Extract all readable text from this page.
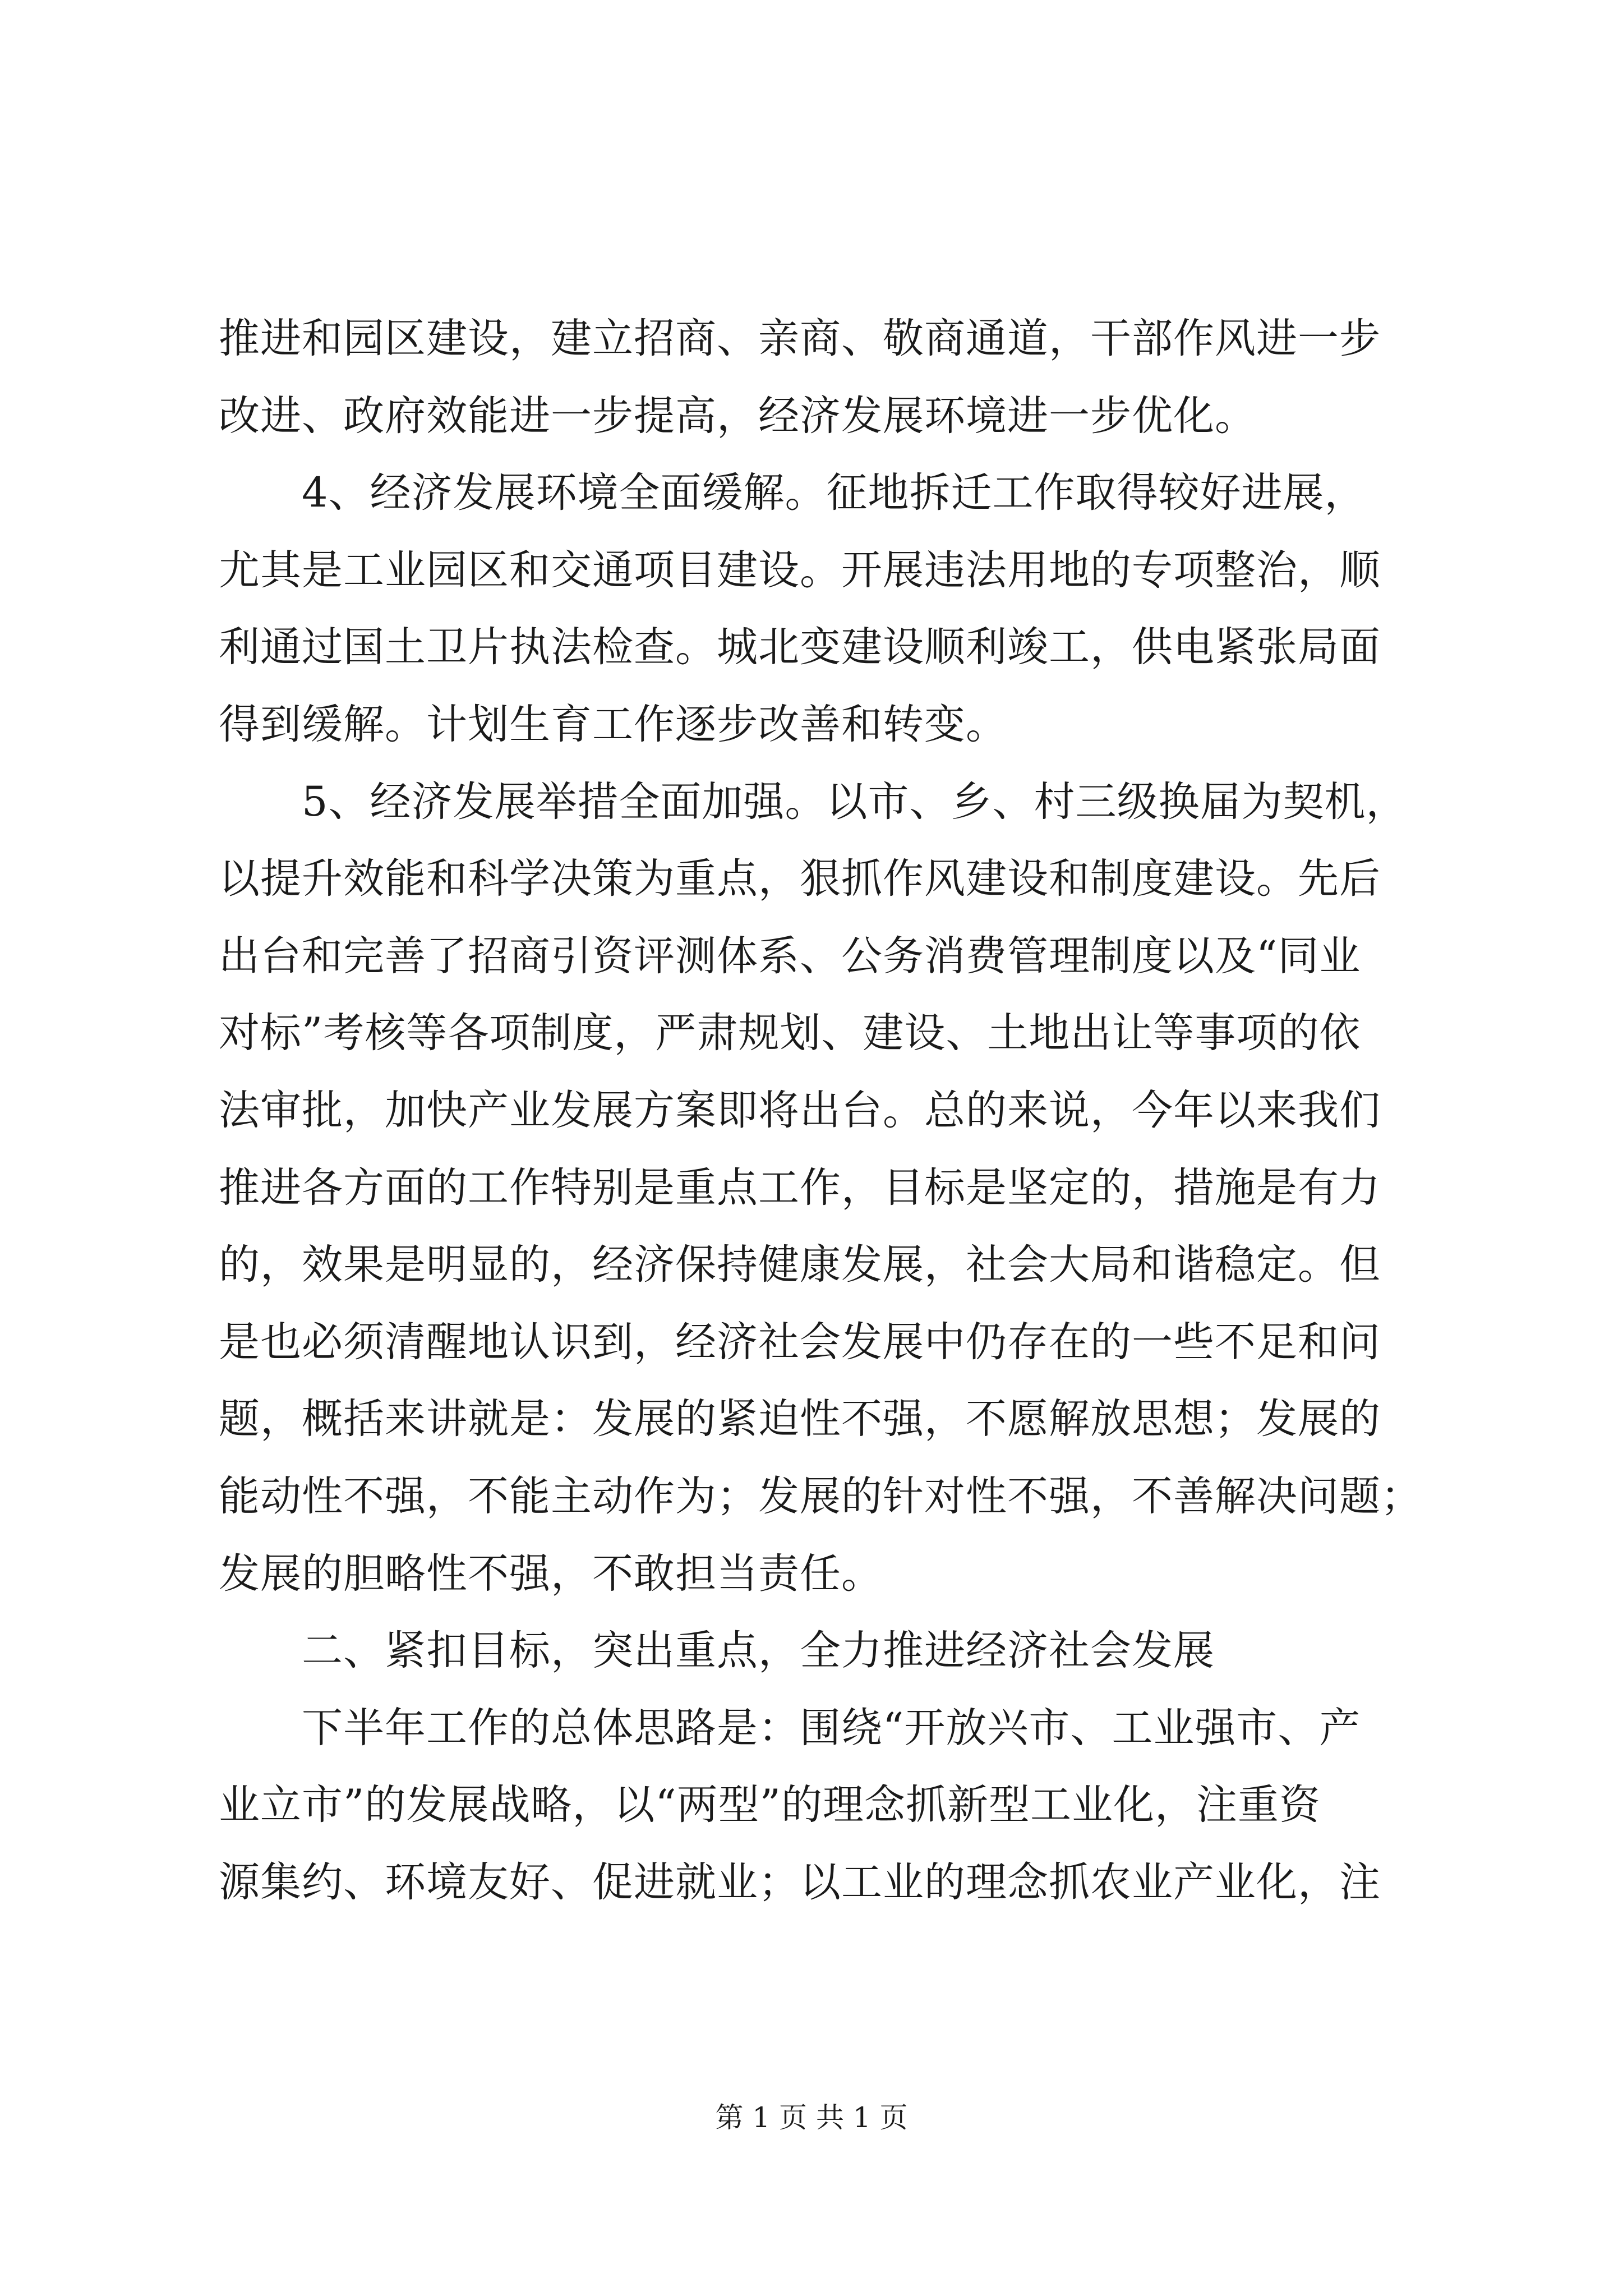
推进和园区建设，建立招商、亲商、敬商通道，干部作风进一步
改进、政府效能进一步提高，经济发展环境进一步优化。
　　4、经济发展环境全面缓解。征地拆迁工作取得较好进展，
尤其是工业园区和交通项目建设。开展违法用地的专项整治，顺
利通过国土卫片执法检查。城北变建设顺利竣工，供电紧张局面
得到缓解。计划生育工作逐步改善和转变。
　　5、经济发展举措全面加强。以市、乡、村三级换届为契机，
以提升效能和科学决策为重点，狠抓作风建设和制度建设。先后
出台和完善了招商引资评测体系、公务消费管理制度以及“同业
对标”考核等各项制度，严肃规划、建设、土地出让等事项的依
法审批，加快产业发展方案即将出台。总的来说，今年以来我们
推进各方面的工作特别是重点工作，目标是坚定的，措施是有力
的，效果是明显的，经济保持健康发展，社会大局和谐稳定。但
是也必须清醒地认识到，经济社会发展中仍存在的一些不足和问
题，概括来讲就是：发展的紧迫性不强，不愿解放思想；发展的
能动性不强，不能主动作为；发展的针对性不强，不善解决问题；
发展的胆略性不强，不敢担当责任。
　　二、紧扣目标，突出重点，全力推进经济社会发展
　　下半年工作的总体思路是：围绕“开放兴市、工业强市、产
业立市”的发展战略，以“两型”的理念抓新型工业化，注重资
源集约、环境友好、促进就业；以工业的理念抓农业产业化，注
第 1 页 共 1 页
